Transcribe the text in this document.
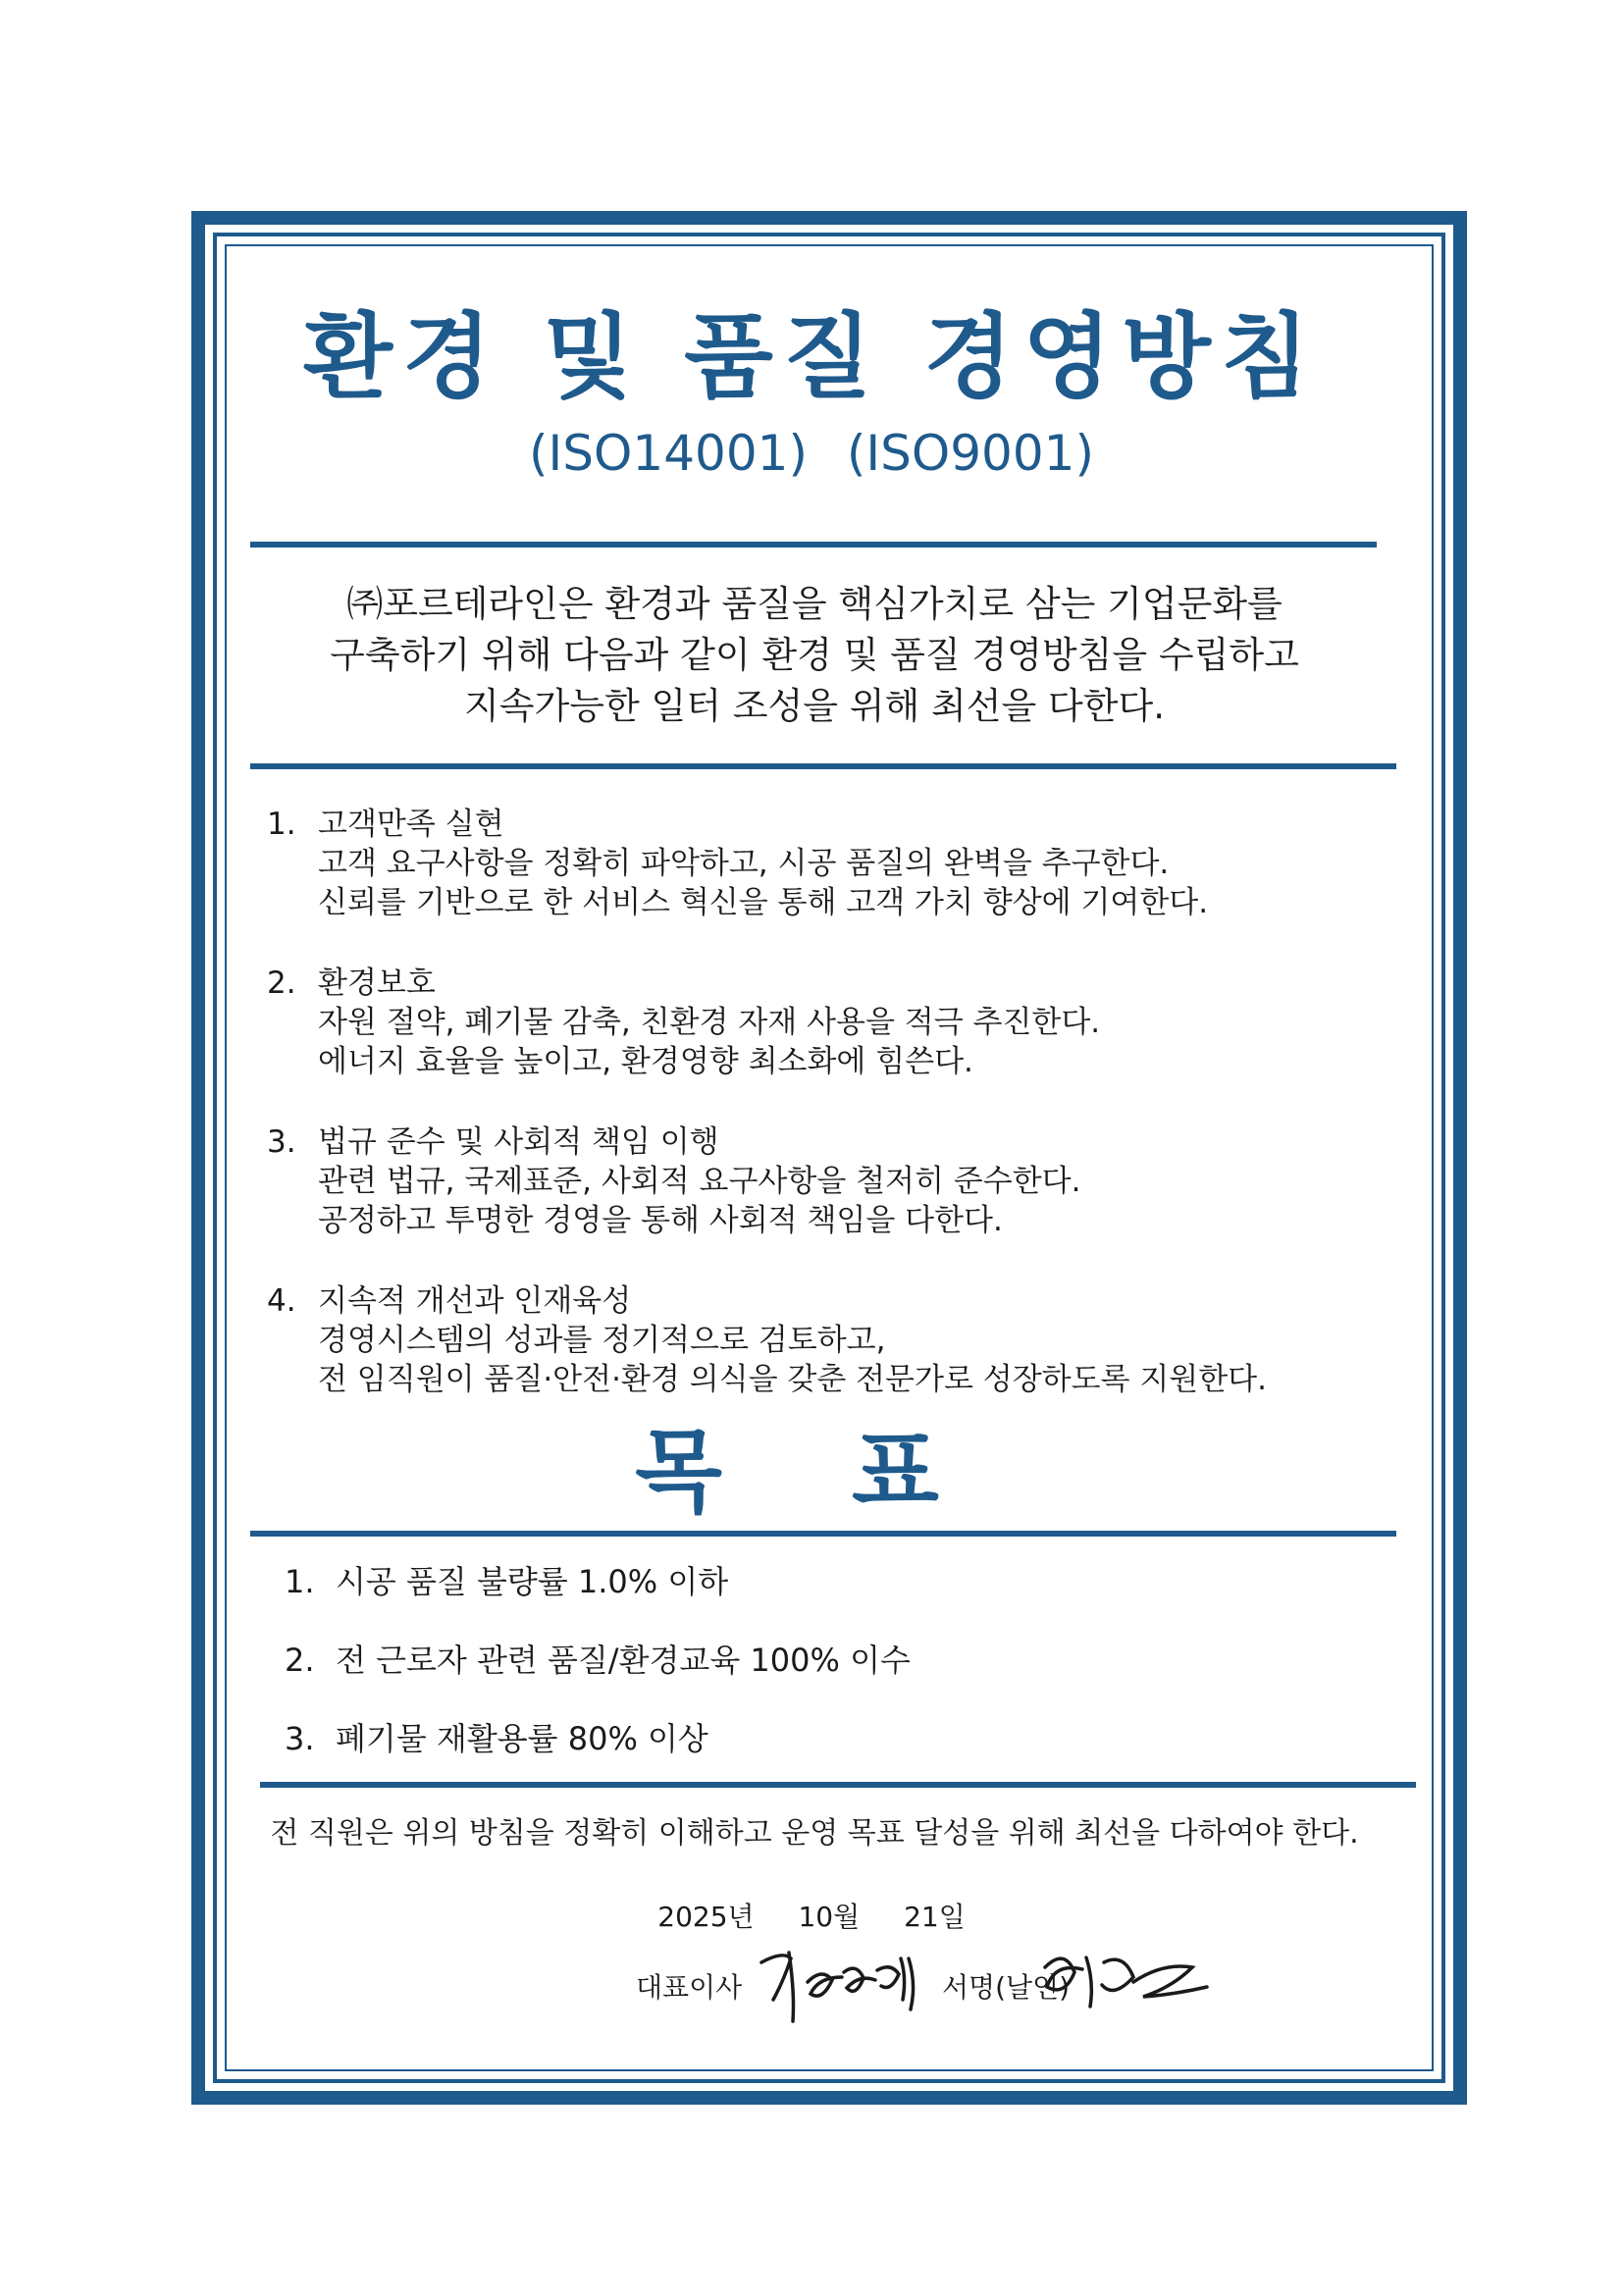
환경 및 품질 경영방침
(ISO14001) (ISO9001)
㈜포르테라인은 환경과 품질을 핵심가치로 삼는 기업문화를
구축하기 위해 다음과 같이 환경 및 품질 경영방침을 수립하고
지속가능한 일터 조성을 위해 최선을 다한다.
1. 고객만족 실현
고객 요구사항을 정확히 파악하고, 시공 품질의 완벽을 추구한다.
신뢰를 기반으로 한 서비스 혁신을 통해 고객 가치 향상에 기여한다.
2. 환경보호
자원 절약, 폐기물 감축, 친환경 자재 사용을 적극 추진한다.
에너지 효율을 높이고, 환경영향 최소화에 힘쓴다.
3. 법규 준수 및 사회적 책임 이행
관련 법규, 국제표준, 사회적 요구사항을 철저히 준수한다.
공정하고 투명한 경영을 통해 사회적 책임을 다한다.
4. 지속적 개선과 인재육성
경영시스템의 성과를 정기적으로 검토하고,
전 임직원이 품질·안전·환경 의식을 갖춘 전문가로 성장하도록 지원한다.
목 표
1. 시공 품질 불량률 1.0% 이하
2. 전 근로자 관련 품질/환경교육 100% 이수
3. 폐기물 재활용률 80% 이상
전 직원은 위의 방침을 정확히 이해하고 운영 목표 달성을 위해 최선을 다하여야 한다.
2025년 10월 21일
대표이사	서명(날인)
